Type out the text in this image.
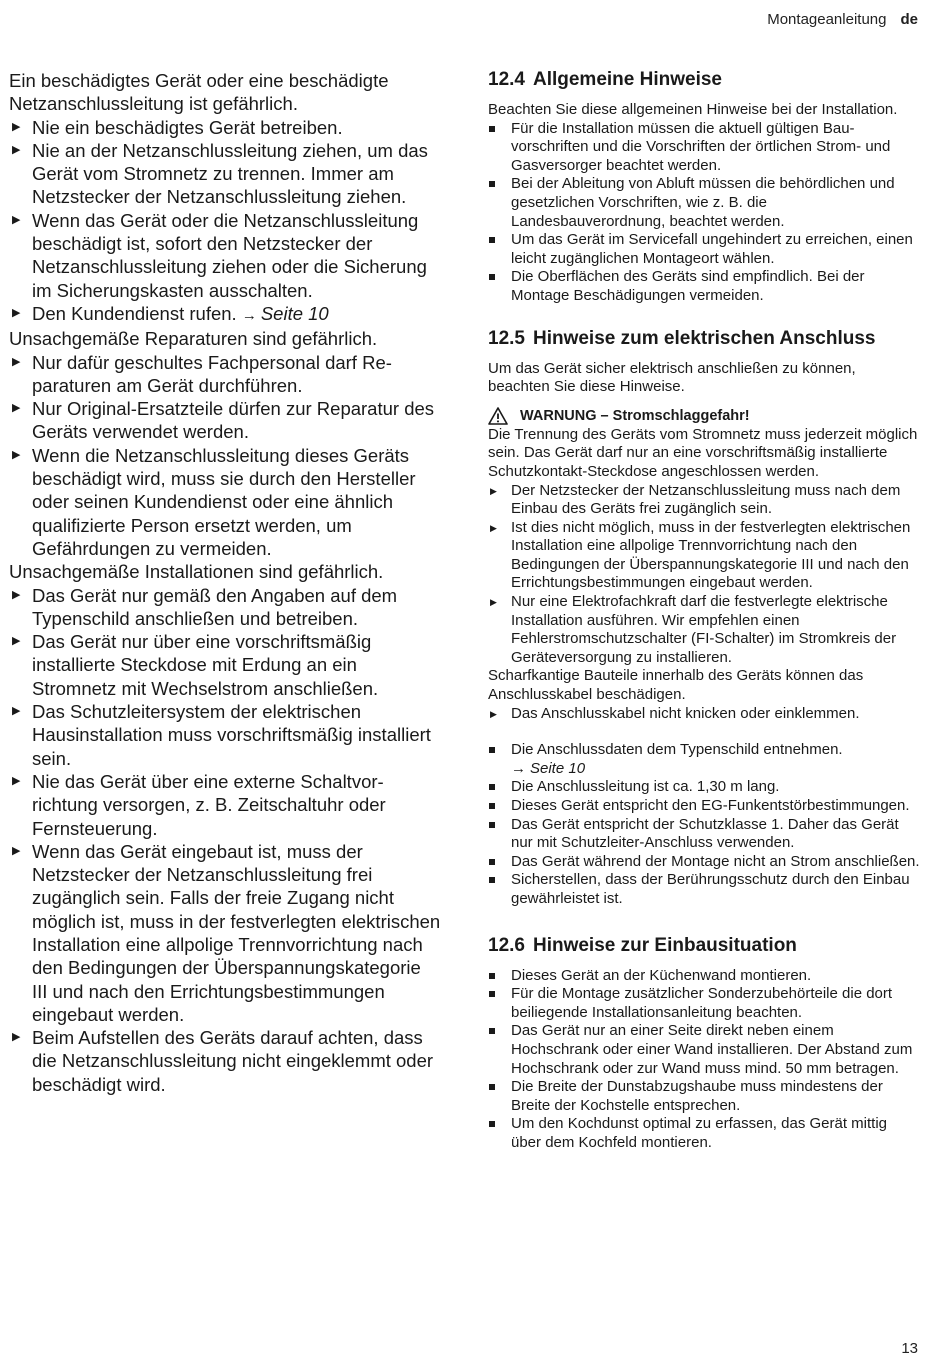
Montageanleitung de

Ein beschädigtes Gerät oder eine beschädigte Netzanschlussleitung ist gefährlich.

▶ Nie ein beschädigtes Gerät betreiben.
▶ Nie an der Netzanschlussleitung ziehen, um das Gerät vom Stromnetz zu trennen. Immer am Netzstecker der Netzanschlussleitung ziehen.
▶ Wenn das Gerät oder die Netzanschlussleitung beschädigt ist, sofort den Netzstecker der Netzanschlussleitung ziehen oder die Sicherung im Sicherungskasten ausschalten.
▶ Den Kundendienst rufen. → Seite 10

Unsachgemäße Reparaturen sind gefährlich.

▶ Nur dafür geschultes Fachpersonal darf Reparaturen am Gerät durchführen.
▶ Nur Original-Ersatzteile dürfen zur Reparatur des Geräts verwendet werden.
▶ Wenn die Netzanschlussleitung dieses Geräts beschädigt wird, muss sie durch den Hersteller oder seinen Kundendienst oder eine ähnlich qualifizierte Person ersetzt werden, um Gefährdungen zu vermeiden.

Unsachgemäße Installationen sind gefährlich.

▶ Das Gerät nur gemäß den Angaben auf dem Typenschild anschließen und betreiben.
▶ Das Gerät nur über eine vorschriftsmäßig installierte Steckdose mit Erdung an ein Stromnetz mit Wechselstrom anschließen.
▶ Das Schutzleitersystem der elektrischen Hausinstallation muss vorschriftsmäßig installiert sein.
▶ Nie das Gerät über eine externe Schaltvorrichtung versorgen, z. B. Zeitschaltuhr oder Fernsteuerung.
▶ Wenn das Gerät eingebaut ist, muss der Netzstecker der Netzanschlussleitung frei zugänglich sein. Falls der freie Zugang nicht möglich ist, muss in der festverlegten elektrischen Installation eine allpolige Trennvorrichtung nach den Bedingungen der Überspannungskategorie III und nach den Errichtungsbestimmungen eingebaut werden.
▶ Beim Aufstellen des Geräts darauf achten, dass die Netzanschlussleitung nicht eingeklemmt oder beschädigt wird.
12.4 Allgemeine Hinweise

Beachten Sie diese allgemeinen Hinweise bei der Installation.

Für die Installation müssen die aktuell gültigen Bauvorschriften und die Vorschriften der örtlichen Strom- und Gasversorger beachtet werden.
Bei der Ableitung von Abluft müssen die behördlichen und gesetzlichen Vorschriften, wie z. B. die Landesbauverordnung, beachtet werden.
Um das Gerät im Servicefall ungehindert zu erreichen, einen leicht zugänglichen Montageort wählen.
Die Oberflächen des Geräts sind empfindlich. Bei der Montage Beschädigungen vermeiden.
12.5 Hinweise zum elektrischen Anschluss

Um das Gerät sicher elektrisch anschließen zu können, beachten Sie diese Hinweise.

WARNUNG – Stromschlaggefahr!

Die Trennung des Geräts vom Stromnetz muss jederzeit möglich sein. Das Gerät darf nur an eine vorschriftsmäßig installierte Schutzkontakt-Steckdose angeschlossen werden.

▶ Der Netzstecker der Netzanschlussleitung muss nach dem Einbau des Geräts frei zugänglich sein.
▶ Ist dies nicht möglich, muss in der festverlegten elektrischen Installation eine allpolige Trennvorrichtung nach den Bedingungen der Überspannungskategorie III und nach den Errichtungsbestimmungen eingebaut werden.
▶ Nur eine Elektrofachkraft darf die festverlegte elektrische Installation ausführen. Wir empfehlen einen Fehlerstromschutzschalter (FI-Schalter) im Stromkreis der Geräteversorgung zu installieren.

Scharfkantige Bauteile innerhalb des Geräts können das Anschlusskabel beschädigen.

▶ Das Anschlusskabel nicht knicken oder einklemmen.
Die Anschlussdaten dem Typenschild entnehmen.
→ Seite 10
Die Anschlussleitung ist ca. 1,30 m lang.
Dieses Gerät entspricht den EG-Funkentstörbestimmungen.
Das Gerät entspricht der Schutzklasse 1. Daher das Gerät nur mit Schutzleiter-Anschluss verwenden.
Das Gerät während der Montage nicht an Strom anschließen.
Sicherstellen, dass der Berührungsschutz durch den Einbau gewährleistet ist.
12.6 Hinweise zur Einbausituation
Dieses Gerät an der Küchenwand montieren.
Für die Montage zusätzlicher Sonderzubehörteile die dort beiliegende Installationsanleitung beachten.
Das Gerät nur an einer Seite direkt neben einem Hochschrank oder einer Wand installieren. Der Abstand zum Hochschrank oder zur Wand muss mind. 50 mm betragen.
Die Breite der Dunstabzugshaube muss mindestens der Breite der Kochstelle entsprechen.
Um den Kochdunst optimal zu erfassen, das Gerät mittig über dem Kochfeld montieren.
13
